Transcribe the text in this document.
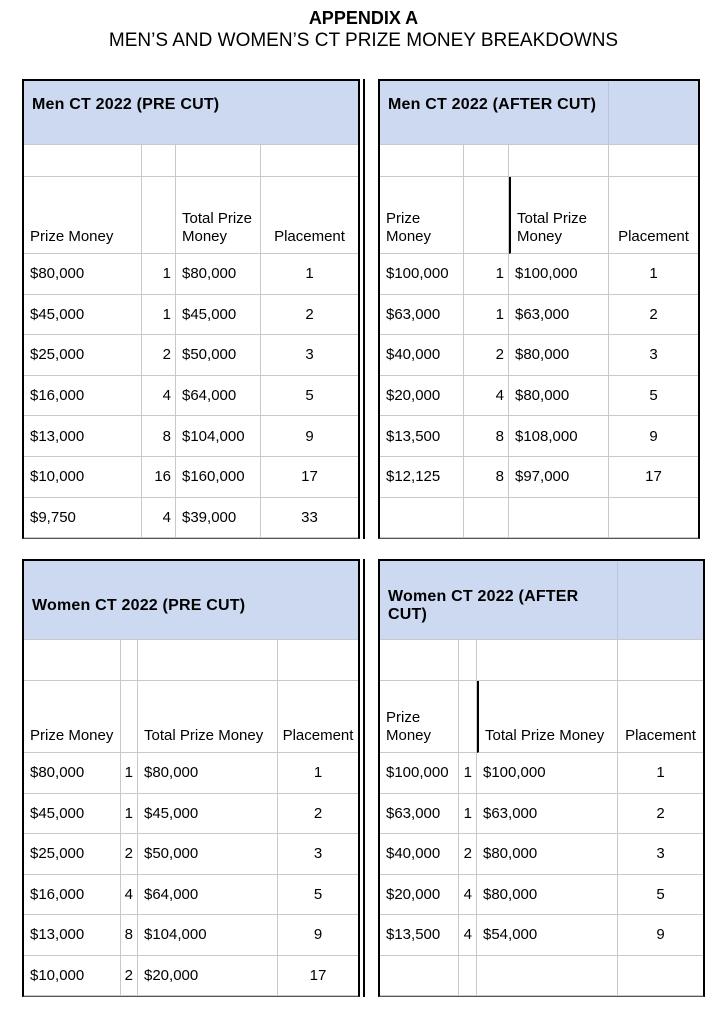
APPENDIX A

MEN’S AND WOMEN’S CT PRIZE MONEY BREAKDOWNS

Men CT 2022 (PRE CUT)
Prize Money
Total Prize Money	Placement
$80,000	1 $80,000	1
$45,000	1 $45,000	2
$25,000	2 $50,000	3
$16,000	4 $64,000	5
$13,000	8 $104,000	9
$10,000	16 $160,000	17
$9,750	4 $39,000	33
Men CT 2022 (AFTER CUT)
Prize Money
Total Prize Money	Placement
$100,000	1 $100,000	1
$63,000	1 $63,000	2
$40,000	2 $80,000	3
$20,000	4 $80,000	5
$13,500	8 $108,000	9
$12,125	8 $97,000	17
Women CT 2022 (PRE CUT)
Prize Money	Total Prize Money	Placement
$80,000	1 $80,000	1
$45,000	1 $45,000	2
$25,000	2 $50,000	3
$16,000	4 $64,000	5
$13,000	8 $104,000	9
$10,000	2 $20,000	17
Women CT 2022 (AFTER CUT)
Prize Money	Total Prize Money	Placement
$100,000	1 $100,000	1
$63,000	1 $63,000	2
$40,000	2 $80,000	3
$20,000	4 $80,000	5
$13,500	4 $54,000	9
